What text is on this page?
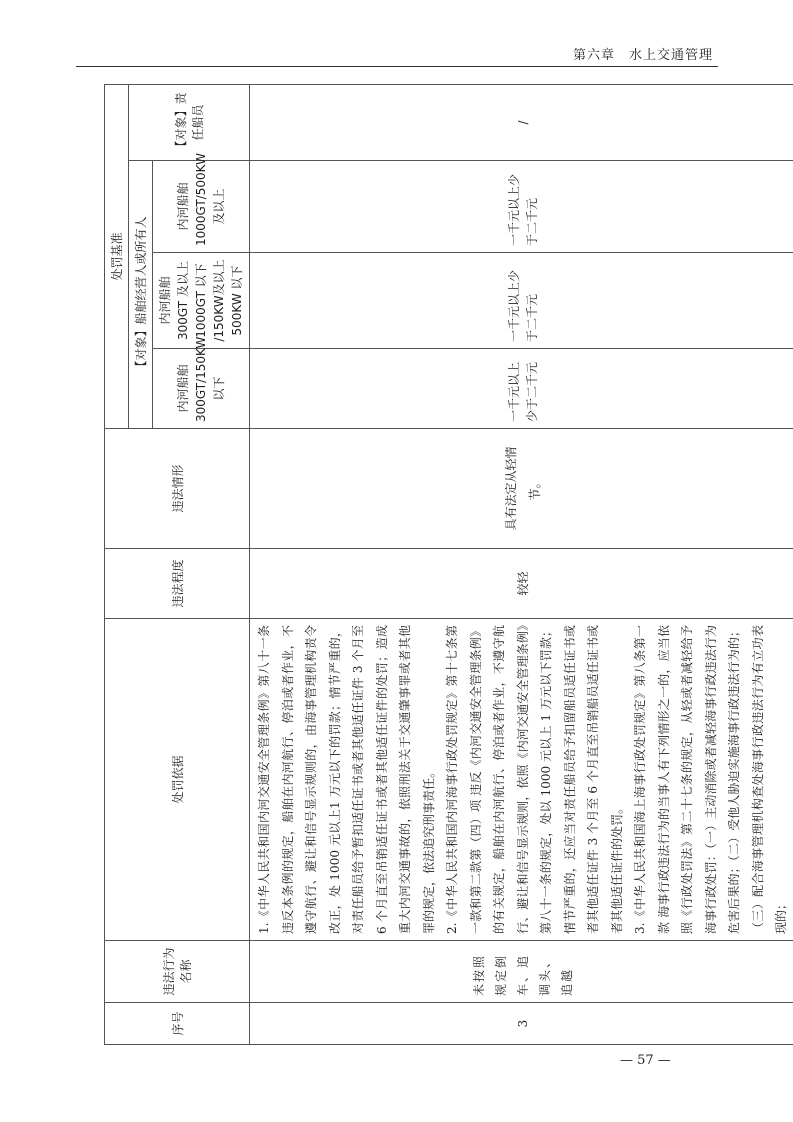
第六章　水上交通管理
序号	违法行为名称	处罚依据	违法程度	违法情形	处罚基准			
					【对象】船舶经营人或所有人			【对象】责任船员
					内河船舶300GT/150KW以下	内河船舶 300GT 及以上1000GT 以下 /150KW及以上 500KW 以下	内河船舶1000GT/500KW及以上	
3	未按照规定倒车、追调头、追越	1.《中华人民共和国内河交通安全管理条例》第八十一条 违反本条例的规定，船舶在内河航行、停泊或者作业，不遵守航行、避让和信号显示规则的，由海事管理机构责令改正，处 1000 元以上1 万元以下的罚款；情节严重的，对责任船员给予暂扣适任证书或者其他适任证件 3 个月至 6 个月直至吊销适任证书或者其他适任证件的处罚；造成重大内河交通事故的，依照刑法关于交通肇事罪或者其他罪的规定，依法追究刑事责任。 2.《中华人民共和国内河海事行政处罚规定》第十七条第一款和第二款第（四）项 违反《内河交通安全管理条例》的有关规定，船舶在内河航行、停泊或者作业，不遵守航行、避让和信号显示规则，依照《内河交通安全管理条例》第八十一条的规定，处以 1000 元以上 1 万元以下罚款；情节严重的，还应当对责任船员给予扣留船员适任证书或者其他适任证件 3 个月至 6 个月直至吊销船员适任证书或者其他适任证件的处罚。 3.《中华人民共和国海上海事行政处罚规定》第八条第一款 海事行政违法行为的当事人有下列情形之一的，应当依照《行政处罚法》第二十七条的规定，从轻或者减轻给予海事行政处罚：（一）主动消除或者减轻海事行政违法行为危害后果的；（二）受他人胁迫实施海事行政违法行为的；（三）配合海事管理机构查处海事行政违法行为有立功表现的；	较轻	具有法定从轻情节。	一千元以上少于二千元	一千元以上少于二千元	一千元以上少于二千元	/

— 57 —
